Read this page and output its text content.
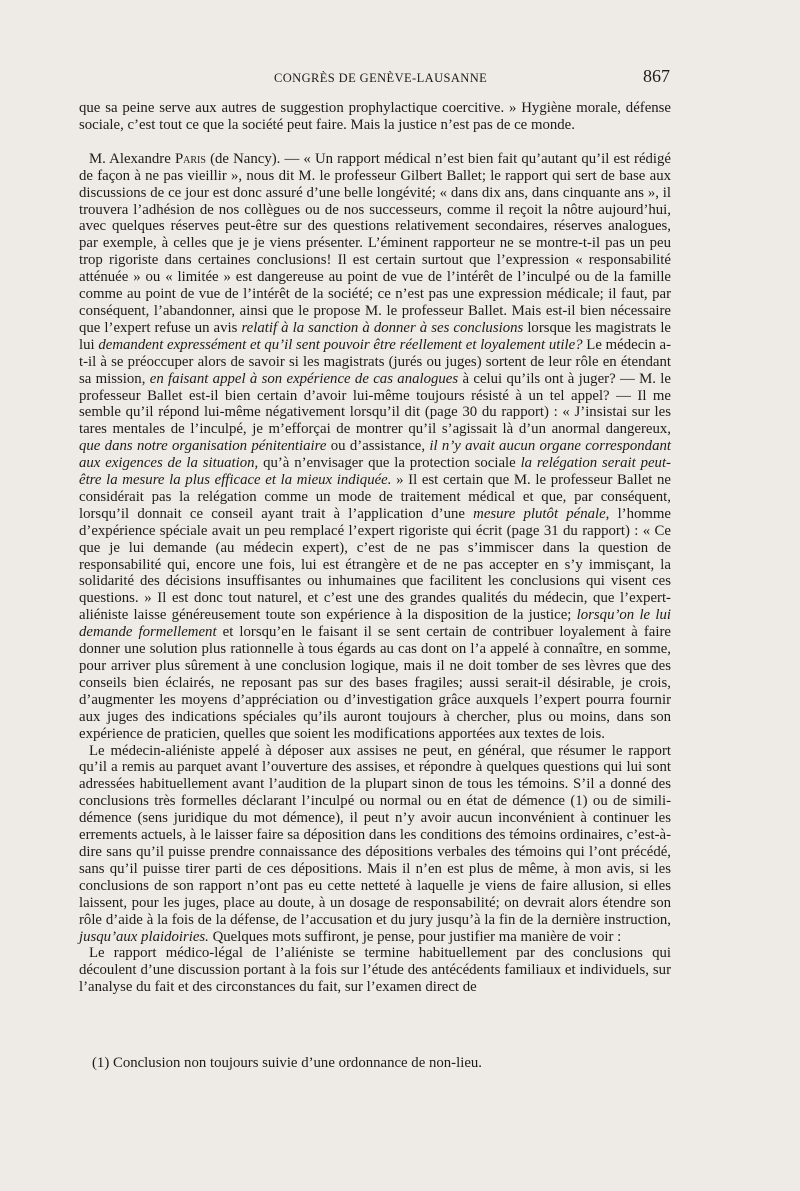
CONGRÈS DE GENÈVE-LAUSANNE	867

que sa peine serve aux autres de suggestion prophylactique coercitive. » Hygiène morale, défense sociale, c’est tout ce que la société peut faire. Mais la justice n’est pas de ce monde.

M. Alexandre Paris (de Nancy). — « Un rapport médical n’est bien fait qu’autant qu’il est rédigé de façon à ne pas vieillir », nous dit M. le professeur Gilbert Ballet; le rapport qui sert de base aux discussions de ce jour est donc assuré d’une belle longévité; « dans dix ans, dans cinquante ans », il trouvera l’adhésion de nos collègues ou de nos successeurs, comme il reçoit la nôtre aujourd’hui, avec quelques réserves peut-être sur des questions relativement secondaires, réserves analogues, par exemple, à celles que je je viens présenter. L’éminent rapporteur ne se montre-t-il pas un peu trop rigoriste dans certaines conclusions! Il est certain surtout que l’expression « responsabilité atténuée » ou « limitée » est dangereuse au point de vue de l’intérêt de l’inculpé ou de la famille comme au point de vue de l’intérêt de la société; ce n’est pas une expression médicale; il faut, par conséquent, l’abandonner, ainsi que le propose M. le professeur Ballet. Mais est-il bien nécessaire que l’expert refuse un avis relatif à la sanction à donner à ses conclusions lorsque les magistrats le lui demandent expressément et qu’il sent pouvoir être réellement et loyalement utile? Le médecin a-t-il à se préoccuper alors de savoir si les magistrats (jurés ou juges) sortent de leur rôle en étendant sa mission, en faisant appel à son expérience de cas analogues à celui qu’ils ont à juger? — M. le professeur Ballet est-il bien certain d’avoir lui-même toujours résisté à un tel appel? — Il me semble qu’il répond lui-même négativement lorsqu’il dit (page 30 du rapport) : « J’insistai sur les tares mentales de l’inculpé, je m’efforçai de montrer qu’il s’agissait là d’un anormal dangereux, que dans notre organisation pénitentiaire ou d’assistance, il n’y avait aucun organe correspondant aux exigences de la situation, qu’à n’envisager que la protection sociale la relégation serait peut-être la mesure la plus efficace et la mieux indiquée. » Il est certain que M. le professeur Ballet ne considérait pas la relégation comme un mode de traitement médical et que, par conséquent, lorsqu’il donnait ce conseil ayant trait à l’application d’une mesure plutôt pénale, l’homme d’expérience spéciale avait un peu remplacé l’expert rigoriste qui écrit (page 31 du rapport) : « Ce que je lui demande (au médecin expert), c’est de ne pas s’immiscer dans la question de responsabilité qui, encore une fois, lui est étrangère et de ne pas accepter en s’y immisçant, la solidarité des décisions insuffisantes ou inhumaines que facilitent les conclusions qui visent ces questions. » Il est donc tout naturel, et c’est une des grandes qualités du médecin, que l’expert-aliéniste laisse généreusement toute son expérience à la disposition de la justice; lorsqu’on le lui demande formellement et lorsqu’en le faisant il se sent certain de contribuer loyalement à faire donner une solution plus rationnelle à tous égards au cas dont on l’a appelé à connaître, en somme, pour arriver plus sûrement à une conclusion logique, mais il ne doit tomber de ses lèvres que des conseils bien éclairés, ne reposant pas sur des bases fragiles; aussi serait-il désirable, je crois, d’augmenter les moyens d’appréciation ou d’investigation grâce auxquels l’expert pourra fournir aux juges des indications spéciales qu’ils auront toujours à chercher, plus ou moins, dans son expérience de praticien, quelles que soient les modifications apportées aux textes de lois.

Le médecin-aliéniste appelé à déposer aux assises ne peut, en général, que résumer le rapport qu’il a remis au parquet avant l’ouverture des assises, et répondre à quelques questions qui lui sont adressées habituellement avant l’audition de la plupart sinon de tous les témoins. S’il a donné des conclusions très formelles déclarant l’inculpé ou normal ou en état de démence (1) ou de simili-démence (sens juridique du mot démence), il peut n’y avoir aucun inconvénient à continuer les errements actuels, à le laisser faire sa déposition dans les conditions des témoins ordinaires, c’est-à-dire sans qu’il puisse prendre connaissance des dépositions verbales des témoins qui l’ont précédé, sans qu’il puisse tirer parti de ces dépositions. Mais il n’en est plus de même, à mon avis, si les conclusions de son rapport n’ont pas eu cette netteté à laquelle je viens de faire allusion, si elles laissent, pour les juges, place au doute, à un dosage de responsabilité; on devrait alors étendre son rôle d’aide à la fois de la défense, de l’accusation et du jury jusqu’à la fin de la dernière instruction, jusqu’aux plaidoiries. Quelques mots suffiront, je pense, pour justifier ma manière de voir :

Le rapport médico-légal de l’aliéniste se termine habituellement par des conclusions qui découlent d’une discussion portant à la fois sur l’étude des antécédents familiaux et individuels, sur l’analyse du fait et des circonstances du fait, sur l’examen direct de

(1) Conclusion non toujours suivie d’une ordonnance de non-lieu.
